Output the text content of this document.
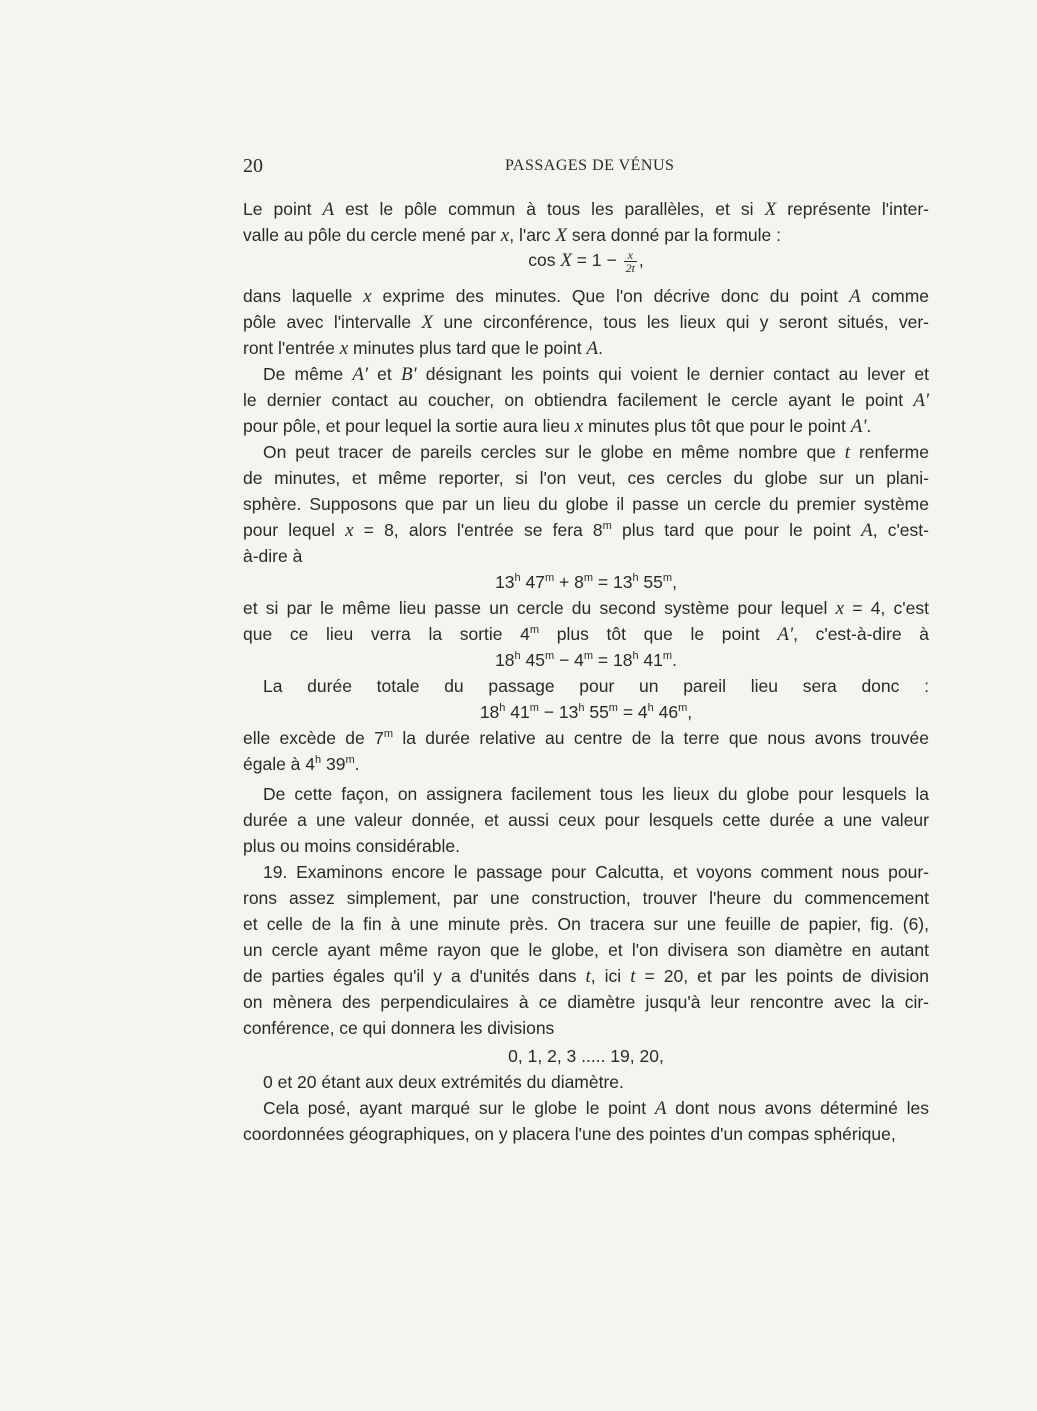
20	PASSAGES DE VÉNUS
Le point A est le pôle commun à tous les parallèles, et si X représente l'inter-
valle au pôle du cercle mené par x, l'arc X sera donné par la formule :
$\cos X = 1 - \frac{x}{2t}$ ,
dans laquelle x exprime des minutes. Que l'on décrive donc du point A comme
pôle avec l'intervalle X une circonférence, tous les lieux qui y seront situés, ver-
ront l'entrée x minutes plus tard que le point A.
De même A' et B' désignant les points qui voient le dernier contact au lever et
le dernier contact au coucher, on obtiendra facilement le cercle ayant le point A'
pour pôle, et pour lequel la sortie aura lieu x minutes plus tôt que pour le point A'.
On peut tracer de pareils cercles sur le globe en même nombre que t renferme
de minutes, et même reporter, si l'on veut, ces cercles du globe sur un plani-
sphère. Supposons que par un lieu du globe il passe un cercle du premier système
pour lequel x = 8, alors l'entrée se fera 8$^m$ plus tard que pour le point A, c'est-
à-dire à
13$^h$ $47^m + 8^m = 13^h$ 55$^m$,
et si par le même lieu passe un cercle du second système pour lequel x = 4, c'est
que ce lieu verra la sortie 4$^m$ plus tôt que le point A', c'est-à-dire à
18$^h$ $45^m - 4^m = 18^h$ 41$^m$.
La durée totale du passage pour un pareil lieu sera donc :
18$^h$ $41^m - 13^h$ $55^m = 4^h$ 46$^m$,
elle excède de 7$^m$ la durée relative au centre de la terre que nous avons trouvée
égale à 4$^h$ 39$^m$.
De cette façon, on assignera facilement tous les lieux du globe pour lesquels la
durée a une valeur donnée, et aussi ceux pour lesquels cette durée a une valeur
plus ou moins considérable.
19. Examinons encore le passage pour Calcutta, et voyons comment nous pour-
rons assez simplement, par une construction, trouver l'heure du commencement
et celle de la fin à une minute près. On tracera sur une feuille de papier, fig. (6),
un cercle ayant même rayon que le globe, et l'on divisera son diamètre en autant
de parties égales qu'il y a d'unités dans t, ici t = 20, et par les points de division
on mènera des perpendiculaires à ce diamètre jusqu'à leur rencontre avec la cir-
conférence, ce qui donnera les divisions
0, 1, 2, 3 ..... 19, 20,
0 et 20 étant aux deux extrémités du diamètre.
Cela posé, ayant marqué sur le globe le point A dont nous avons déterminé les
coordonnées géographiques, on y placera l'une des pointes d'un compas sphérique,
